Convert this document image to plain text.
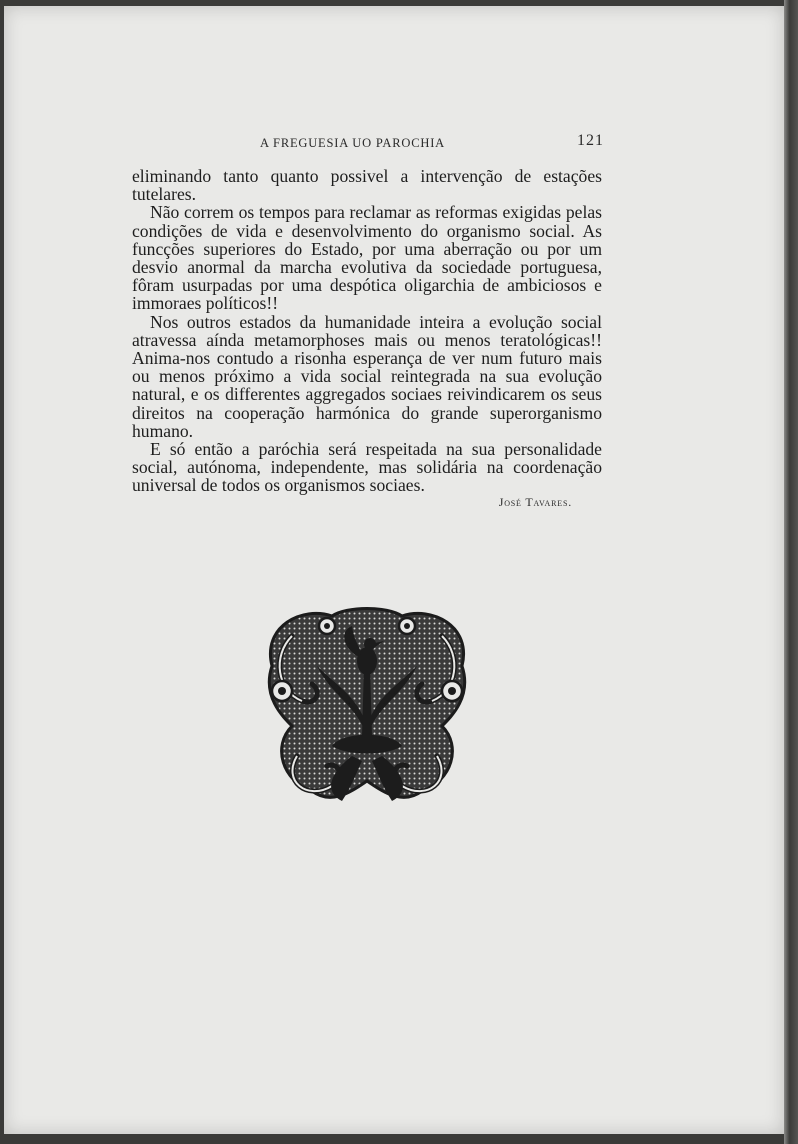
A FREGUESIA UO PAROCHIA	121

eliminando tanto quanto possivel a intervenção de estações tutelares.

Não correm os tempos para reclamar as reformas exigidas pelas condições de vida e desenvolvimento do organismo social. As funcções superiores do Estado, por uma aberração ou por um desvio anormal da marcha evolutiva da sociedade portuguesa, fôram usurpadas por uma despótica oligarchia de ambiciosos e immoraes políticos!!

Nos outros estados da humanidade inteira a evolução social atravessa aínda metamorphoses mais ou menos teratológicas!! Anima-nos contudo a risonha esperança de ver num futuro mais ou menos próximo a vida social reintegrada na sua evolução natural, e os differentes aggregados sociaes reivindicarem os seus direitos na cooperação harmónica do grande superorganismo humano.

E só então a paróchia será respeitada na sua personalidade social, autónoma, independente, mas solidária na coordenação universal de todos os organismos sociaes.

José Tavares.
